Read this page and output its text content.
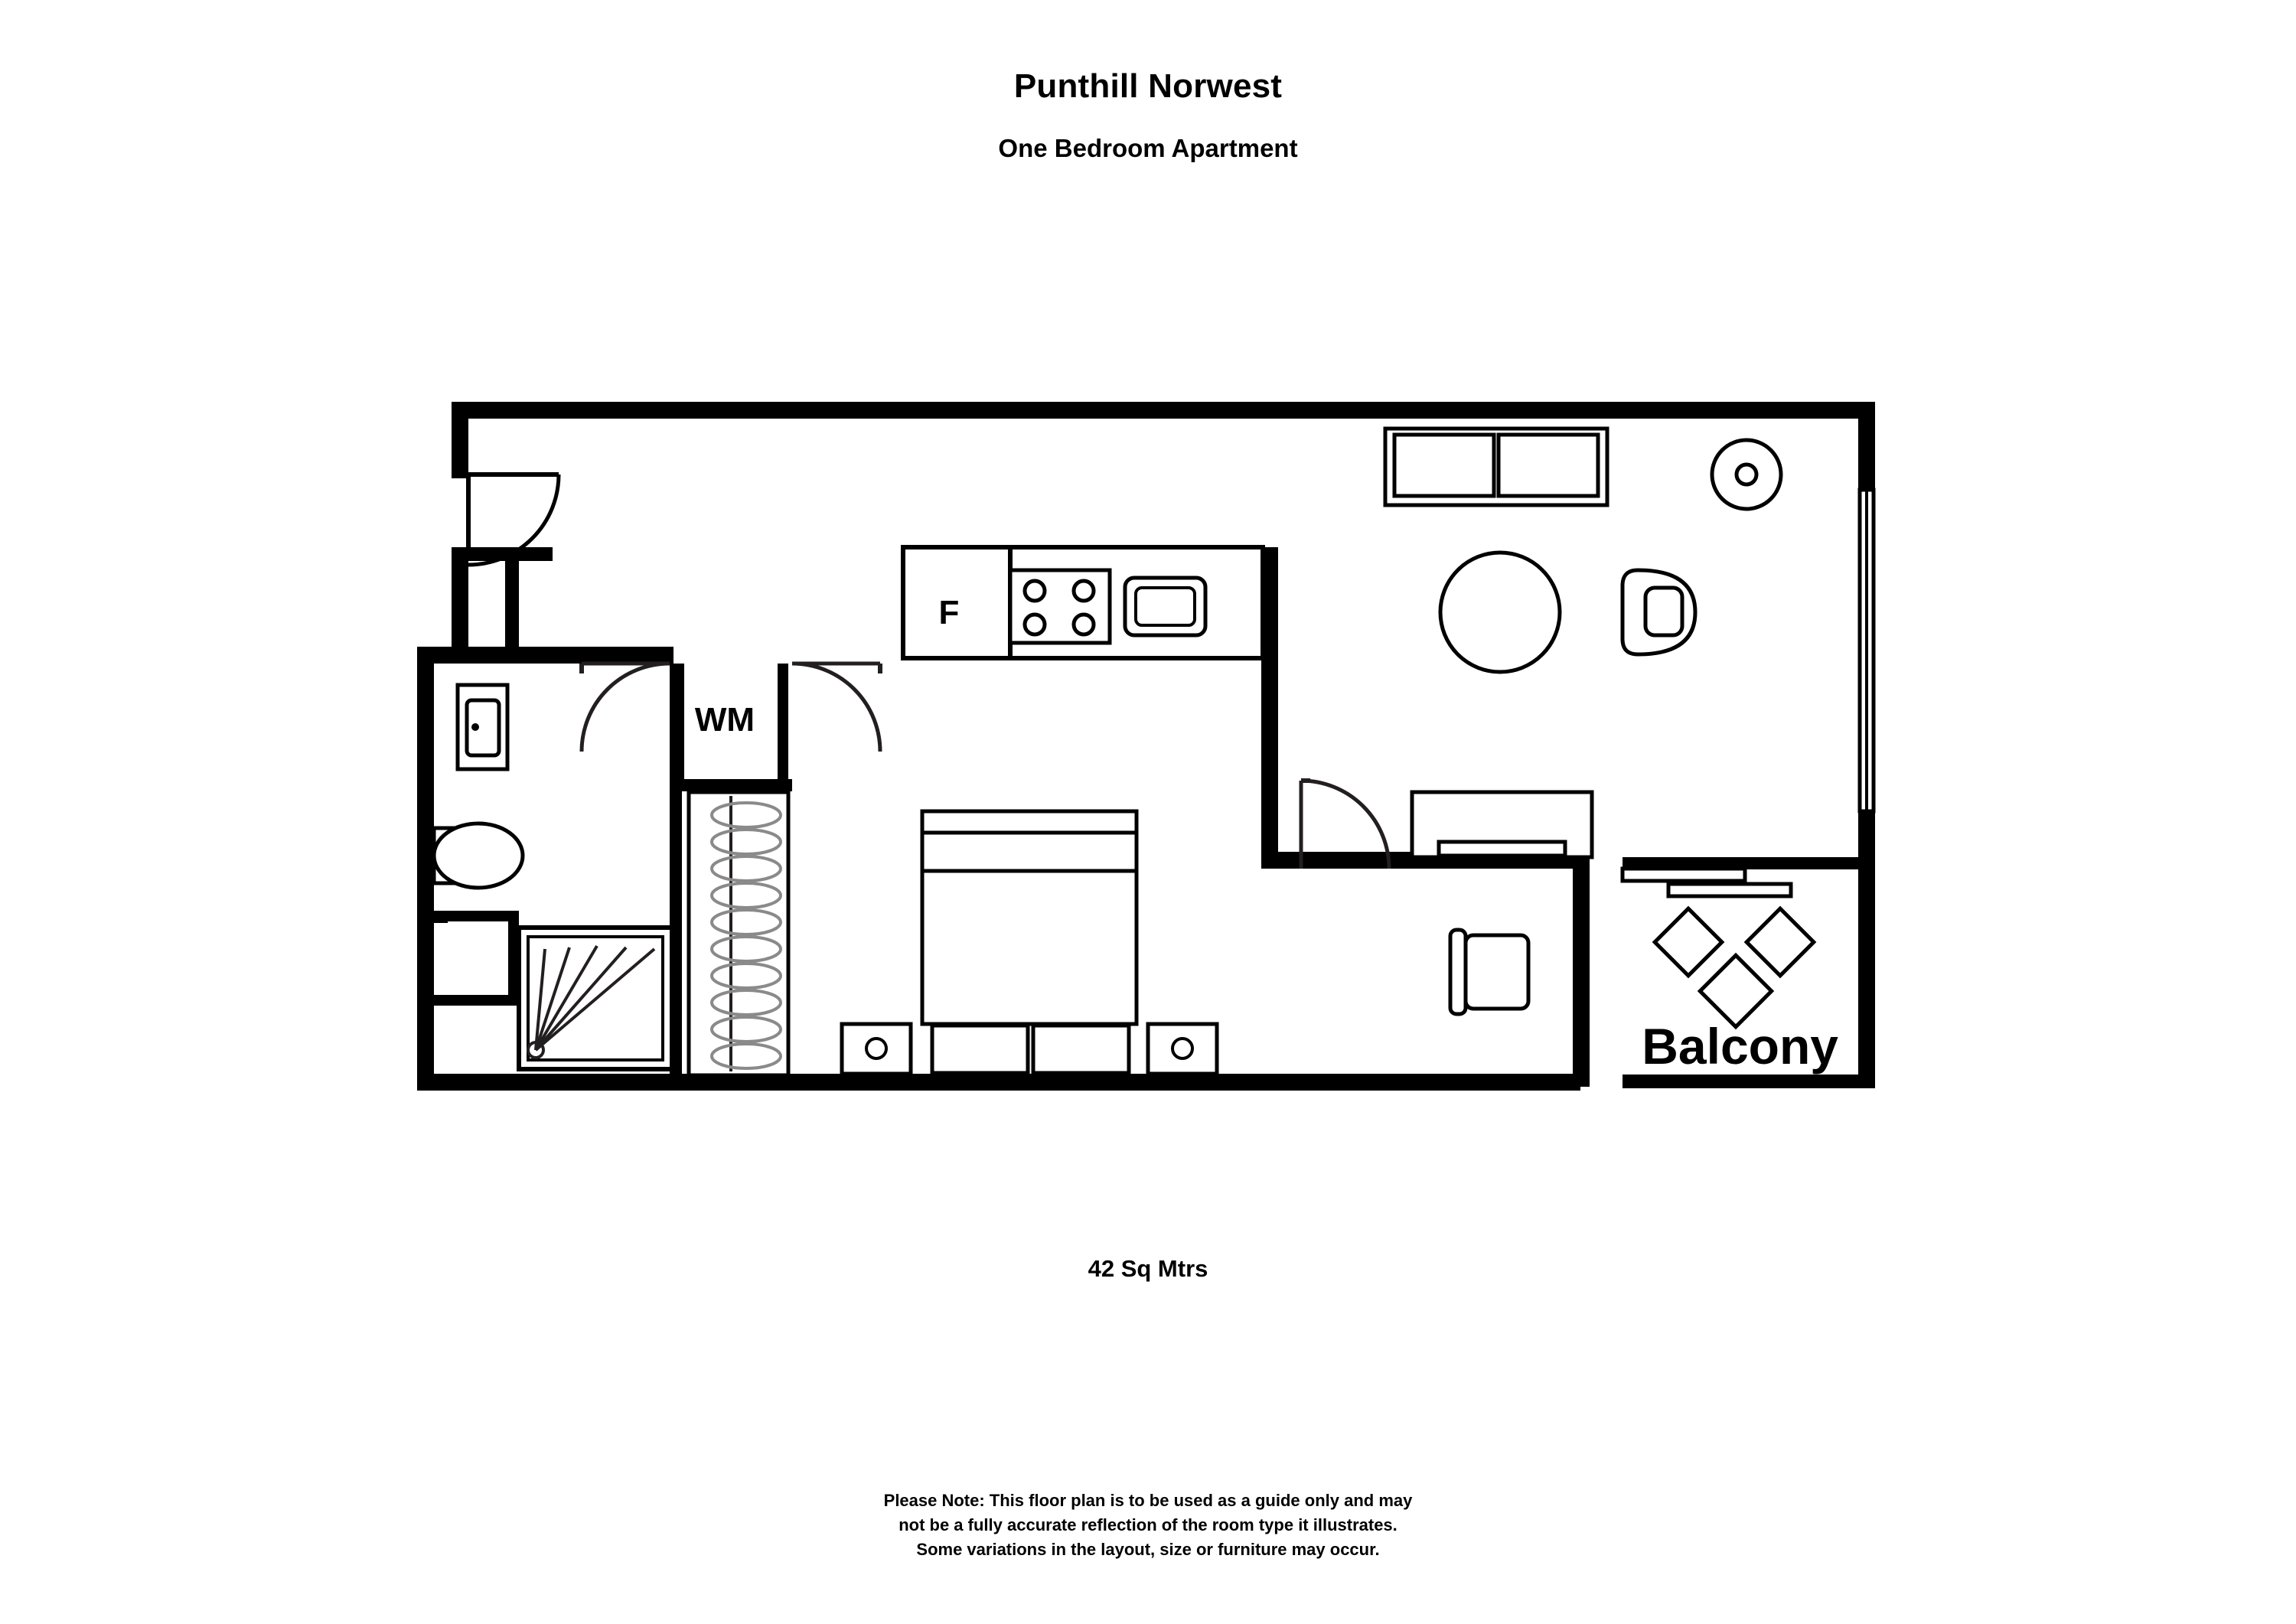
Punthill Norwest
One Bedroom Apartment
F
WM
Balcony
42 Sq Mtrs
Please Note: This floor plan is to be used as a guide only and may
not be a fully accurate reflection of the room type it illustrates.
Some variations in the layout, size or furniture may occur.
